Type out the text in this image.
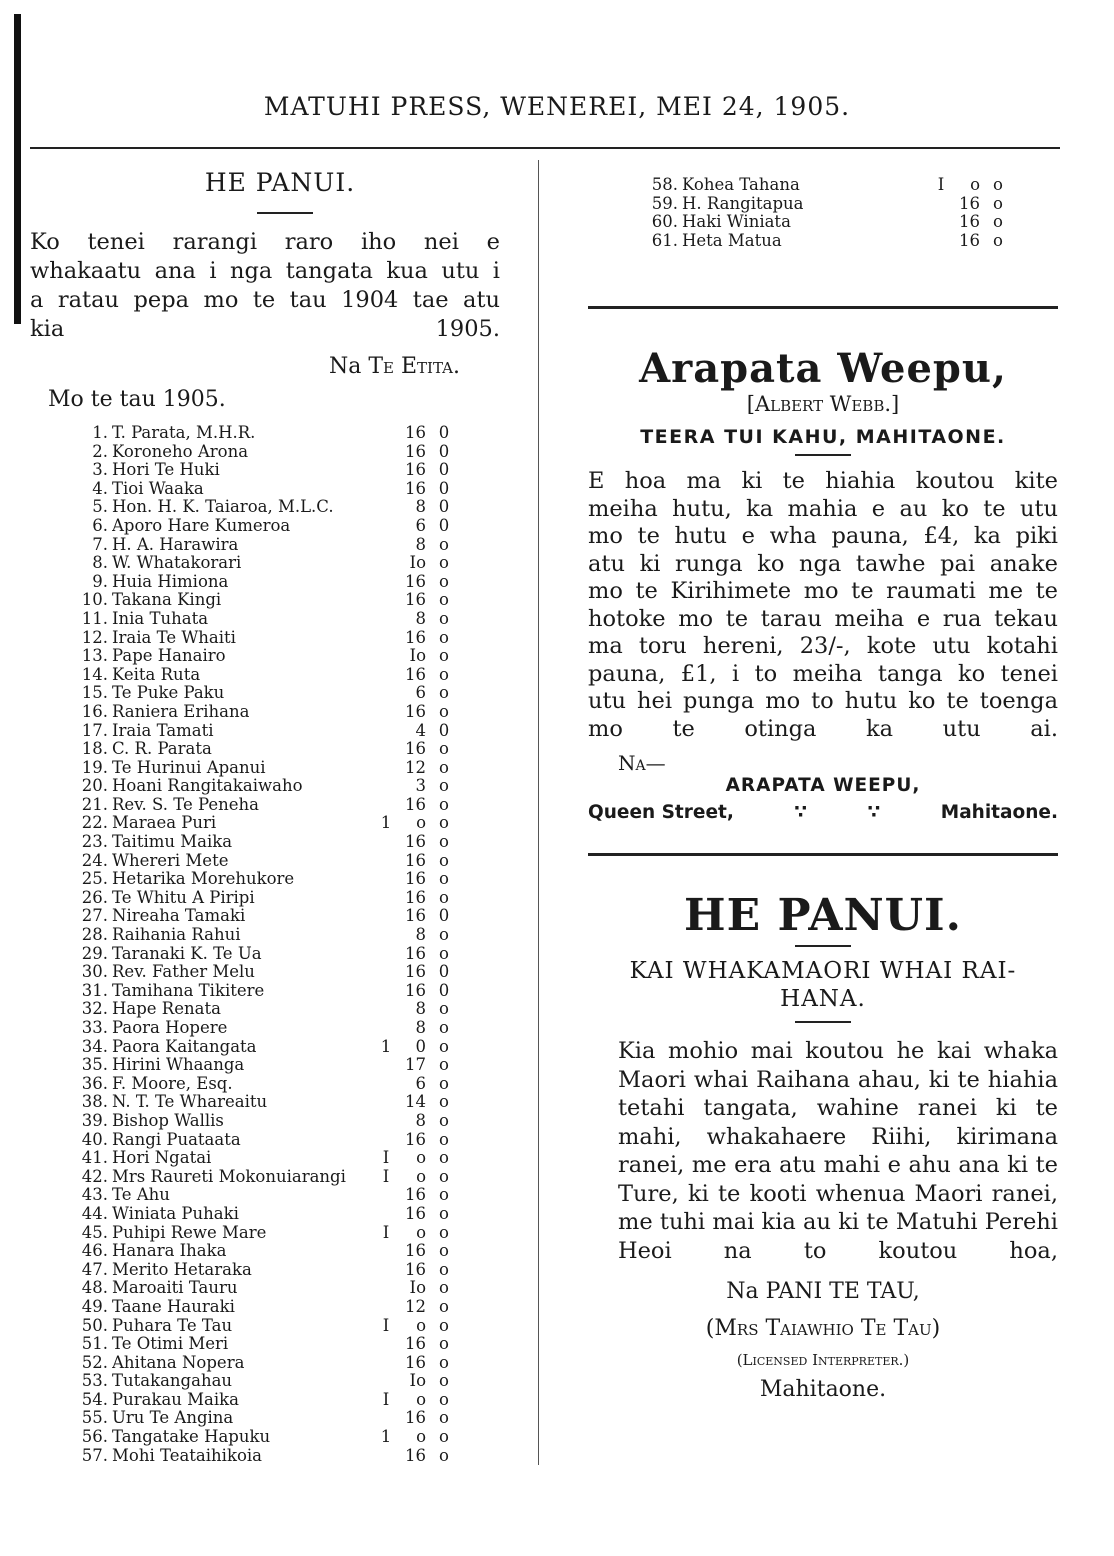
MATUHI PRESS, WENEREI, MEI 24, 1905.
HE PANUI.

Ko tenei rarangi raro iho nei e

whakaatu ana i nga tangata kua utu i

a ratau pepa mo te tau 1904 tae atu

kia 1905.

Na Te Etita.
Mo te tau 1905.
1. T. Parata, M.H.R.	16 0
2. Koroneho Arona	16 0
3. Hori Te Huki	16 0
4. Tioi Waaka	16 0
5. Hon. H. K. Taiaroa, M.L.C.	8 0
6. Aporo Hare Kumeroa	6 0
7. H. A. Harawira	8 o
8. W. Whatakorari	Io o
9. Huia Himiona	16 o
10. Takana Kingi	16 o
11. Inia Tuhata	8 o
12. Iraia Te Whaiti	16 o
13. Pape Hanairo	Io o
14. Keita Ruta	16 o
15. Te Puke Paku	6 o
16. Raniera Erihana	16 o
17. Iraia Tamati	4 0
18. C. R. Parata	16 o
19. Te Hurinui Apanui	12 o
20. Hoani Rangitakaiwaho	3 o
21. Rev. S. Te Peneha	16 o
22. Maraea Puri	1	o o
23. Taitimu Maika	16 o
24. Whereri Mete	16 o
25. Hetarika Morehukore	16 o
26. Te Whitu A Piripi	16 o
27. Nireaha Tamaki	16 0
28. Raihania Rahui	8 o
29. Taranaki K. Te Ua	16 o
30. Rev. Father Melu	16 0
31. Tamihana Tikitere	16 0
32. Hape Renata	8 o
33. Paora Hopere	8 o
34. Paora Kaitangata	1	0 o
35. Hirini Whaanga	17 o
36. F. Moore, Esq.	6 o
38. N. T. Te Whareaitu	14 o
39. Bishop Wallis	8 o
40. Rangi Puataata	16 o
41. Hori Ngatai	I	o o
42. Mrs Raureti Mokonuiarangi	I	o o
43. Te Ahu	16 o
44. Winiata Puhaki	16 o
45. Puhipi Rewe Mare	I	o o
46. Hanara Ihaka	16 o
47. Merito Hetaraka	16 o
48. Maroaiti Tauru	Io o
49. Taane Hauraki	12 o
50. Puhara Te Tau	I	o o
51. Te Otimi Meri	16 o
52. Ahitana Nopera	16 o
53. Tutakangahau	Io o
54. Purakau Maika	I	o o
55. Uru Te Angina	16 o
56. Tangatake Hapuku	1	o o
57. Mohi Teataihikoia	16 o
58. Kohea Tahana	I	o o
59. H. Rangitapua	16 o
60. Haki Winiata	16 o
61. Heta Matua	16 o
Arapata Weepu,
[Albert Webb.]
TEERA TUI KAHU, MAHITAONE.
E hoa ma ki te hiahia koutou kite
meiha hutu, ka mahia e au ko te utu
mo te hutu e wha pauna, £4, ka piki
atu ki runga ko nga tawhe pai anake
mo te Kirihimete mo te raumati me te
hotoke mo te tarau meiha e rua tekau
ma toru hereni, 23/-, kote utu kotahi
pauna, £1, i to meiha tanga ko tenei
utu hei punga mo to hutu ko te toenga
mo te otinga ka utu ai.
Na—
ARAPATA WEEPU,
Queen Street,	∵	∵	Mahitaone.
HE PANUI.
KAI WHAKAMAORI WHAI RAI-
HANA.
Kia mohio mai koutou he kai whaka
Maori whai Raihana ahau, ki te hiahia
tetahi tangata, wahine ranei ki te
mahi, whakahaere Riihi, kirimana
ranei, me era atu mahi e ahu ana ki te
Ture, ki te kooti whenua Maori ranei,
me tuhi mai kia au ki te Matuhi Perehi
Heoi na to koutou hoa,
Na PANI TE TAU,
(Mrs Taiawhio Te Tau)
(Licensed Interpreter.)
Mahitaone.
